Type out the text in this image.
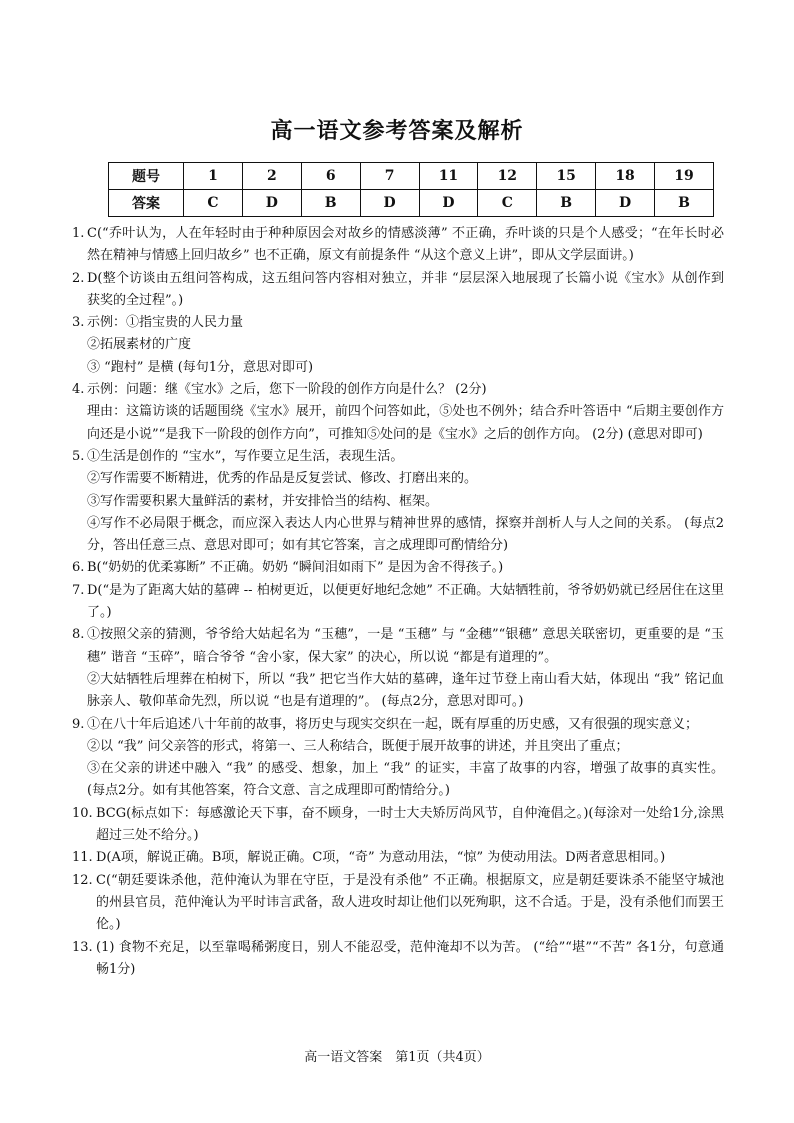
高一语文参考答案及解析
题号	1	2	6	7	11	12	15	18	19
答案	C	D	B	D	D	C	B	D	B
1. C(“乔叶认为，人在年轻时由于种种原因会对故乡的情感淡薄” 不正确，乔叶谈的只是个人感受；“在年长时必然在精神与情感上回归故乡” 也不正确，原文有前提条件 “从这个意义上讲”，即从文学层面讲。)
2. D(整个访谈由五组问答构成，这五组问答内容相对独立，并非 “层层深入地展现了长篇小说《宝水》从创作到获奖的全过程”。)
3. 示例：①指宝贵的人民力量
②拓展素材的广度
③ “跑村” 是横 (每句1分，意思对即可)
4. 示例：问题：继《宝水》之后，您下一阶段的创作方向是什么？ (2分)
理由：这篇访谈的话题围绕《宝水》展开，前四个问答如此，⑤处也不例外；结合乔叶答语中 “后期主要创作方向还是小说”“是我下一阶段的创作方向”，可推知⑤处问的是《宝水》之后的创作方向。 (2分) (意思对即可)
5. ①生活是创作的 “宝水”，写作要立足生活，表现生活。
②写作需要不断精进，优秀的作品是反复尝试、修改、打磨出来的。
③写作需要积累大量鲜活的素材，并安排恰当的结构、框架。
④写作不必局限于概念，而应深入表达人内心世界与精神世界的感情，探察并剖析人与人之间的关系。 (每点2分，答出任意三点、意思对即可；如有其它答案，言之成理即可酌情给分)
6. B(“奶奶的优柔寡断” 不正确。奶奶 “瞬间泪如雨下” 是因为舍不得孩子。)
7. D(“是为了距离大姑的墓碑 -- 柏树更近，以便更好地纪念她” 不正确。大姑牺牲前，爷爷奶奶就已经居住在这里了。)
8. ①按照父亲的猜测，爷爷给大姑起名为 “玉穗”，一是 “玉穗” 与 “金穗”“银穗” 意思关联密切，更重要的是 “玉穗” 谐音 “玉碎”，暗合爷爷 “舍小家，保大家” 的决心，所以说 “都是有道理的”。
②大姑牺牲后埋葬在柏树下，所以 “我” 把它当作大姑的墓碑，逢年过节登上南山看大姑，体现出 “我” 铭记血脉亲人、敬仰革命先烈，所以说 “也是有道理的”。 (每点2分，意思对即可。)
9. ①在八十年后追述八十年前的故事，将历史与现实交织在一起，既有厚重的历史感，又有很强的现实意义；
②以 “我” 问父亲答的形式，将第一、三人称结合，既便于展开故事的讲述，并且突出了重点；
③在父亲的讲述中融入 “我” 的感受、想象，加上 “我” 的证实，丰富了故事的内容，增强了故事的真实性。 (每点2分。如有其他答案，符合文意、言之成理即可酌情给分。)
10. BCG(标点如下：每感激论天下事，奋不顾身，一时士大夫矫厉尚风节，自仲淹倡之。)(每涂对一处给1分,涂黑超过三处不给分。)
11. D(A项，解说正确。B项，解说正确。C项，“奇” 为意动用法，“惊” 为使动用法。D两者意思相同。)
12. C(“朝廷要诛杀他，范仲淹认为罪在守臣，于是没有杀他” 不正确。根据原文，应是朝廷要诛杀不能坚守城池的州县官员，范仲淹认为平时讳言武备，敌人进攻时却让他们以死殉职，这不合适。于是，没有杀他们而罢王伦。)
13. (1) 食物不充足，以至靠喝稀粥度日，别人不能忍受，范仲淹却不以为苦。 (“给”“堪”“不苦” 各1分，句意通畅1分)
高一语文答案　第1页（共4页）
